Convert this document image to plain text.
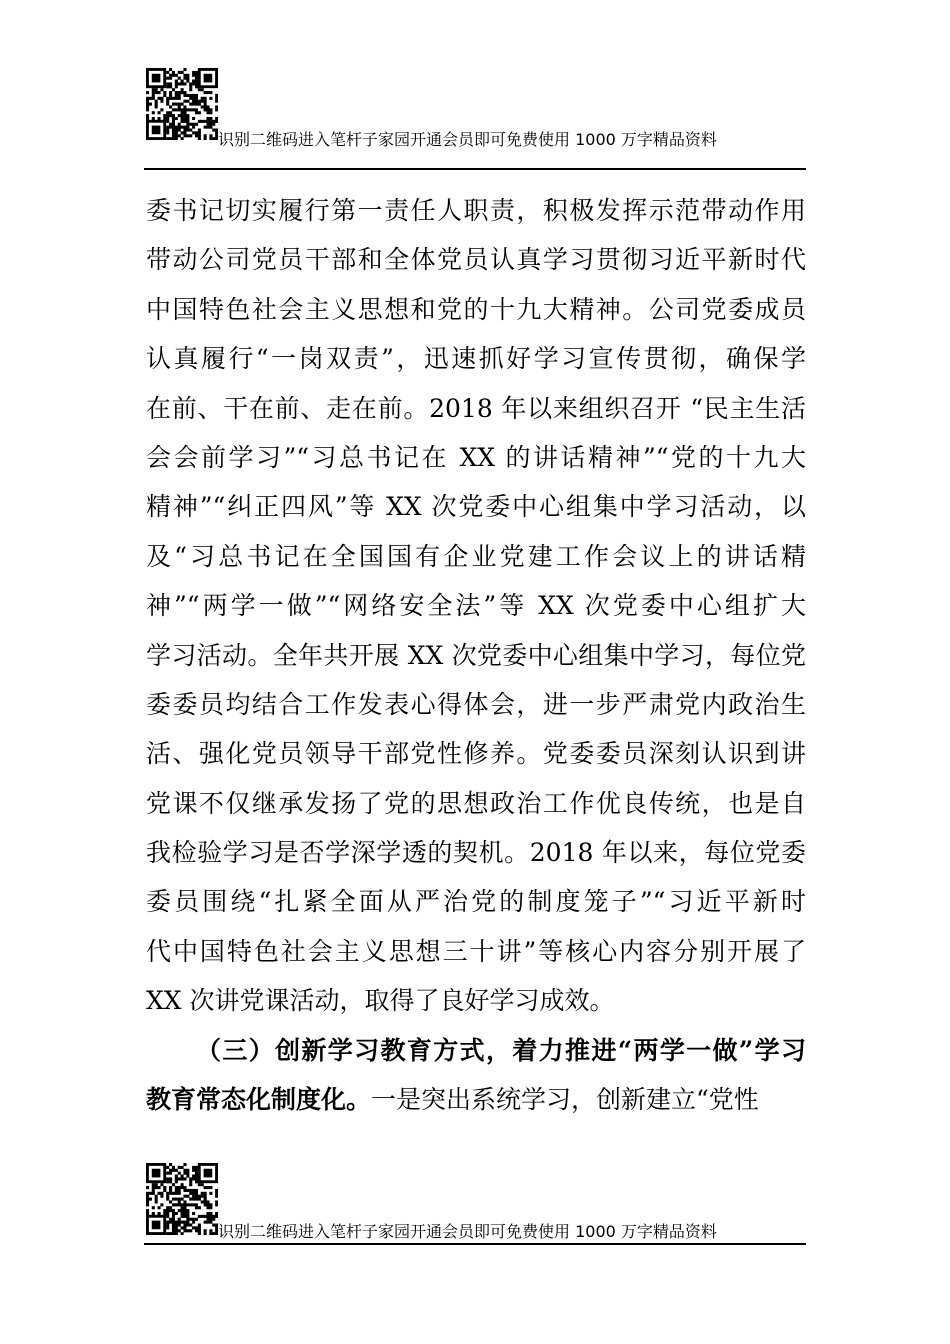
识别二维码进入笔杆子家园开通会员即可免费使用 1000 万字精品资料
委书记切实履行第一责任人职责，积极发挥示范带动作用
带动公司党员干部和全体党员认真学习贯彻习近平新时代
中国特色社会主义思想和党的十九大精神。公司党委成员
认真履行“一岗双责”，迅速抓好学习宣传贯彻，确保学
在前、干在前、走在前。2018 年以来组织召开 “民主生活
会会前学习”“习总书记在 XX 的讲话精神”“党的十九大
精神”“纠正四风”等 XX 次党委中心组集中学习活动，以
及“习总书记在全国国有企业党建工作会议上的讲话精
神”“两学一做”“网络安全法”等 XX 次党委中心组扩大
学习活动。全年共开展 XX 次党委中心组集中学习，每位党
委委员均结合工作发表心得体会，进一步严肃党内政治生
活、强化党员领导干部党性修养。党委委员深刻认识到讲
党课不仅继承发扬了党的思想政治工作优良传统，也是自
我检验学习是否学深学透的契机。2018 年以来，每位党委
委员围绕“扎紧全面从严治党的制度笼子”“习近平新时
代中国特色社会主义思想三十讲”等核心内容分别开展了
XX 次讲党课活动，取得了良好学习成效。
（三）创新学习教育方式，着力推进“两学一做”学习
教育常态化制度化。一是突出系统学习，创新建立“党性
识别二维码进入笔杆子家园开通会员即可免费使用 1000 万字精品资料
